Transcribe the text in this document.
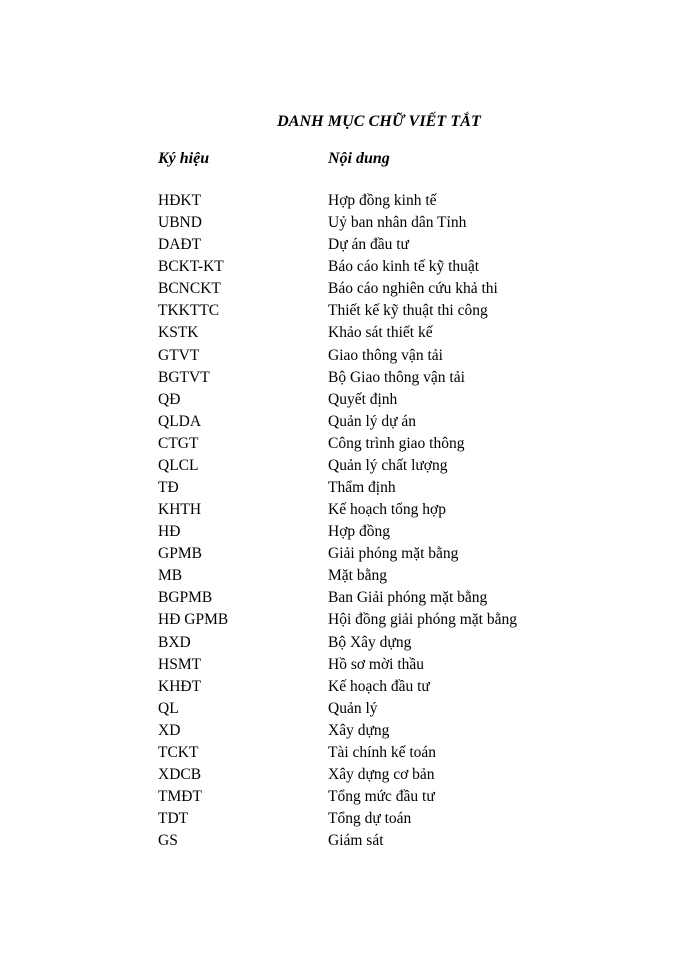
DANH MỤC CHỮ VIẾT TẮT
Ký hiệu	Nội dung
HĐKT	Hợp đồng kinh tế
UBND	Uỷ ban nhân dân Tỉnh
DAĐT	Dự án đầu tư
BCKT-KT	Báo cáo kinh tế kỹ thuật
BCNCKT	Báo cáo nghiên cứu khả thi
TKKTTC	Thiết kế kỹ thuật thi công
KSTK	Khảo sát thiết kế
GTVT	Giao thông vận tải
BGTVT	Bộ Giao thông vận tải
QĐ	Quyết định
QLDA	Quản lý dự án
CTGT	Công trình giao thông
QLCL	Quản lý chất lượng
TĐ	Thẩm định
KHTH	Kế hoạch tổng hợp
HĐ	Hợp đồng
GPMB	Giải phóng mặt bằng
MB	Mặt bằng
BGPMB	Ban Giải phóng mặt bằng
HĐ GPMB	Hội đồng giải phóng mặt bằng
BXD	Bộ Xây dựng
HSMT	Hồ sơ mời thầu
KHĐT	Kế hoạch đầu tư
QL	Quản lý
XD	Xây dựng
TCKT	Tài chính kế toán
XDCB	Xây dựng cơ bản
TMĐT	Tổng mức đầu tư
TDT	Tổng dự toán
GS	Giám sát
